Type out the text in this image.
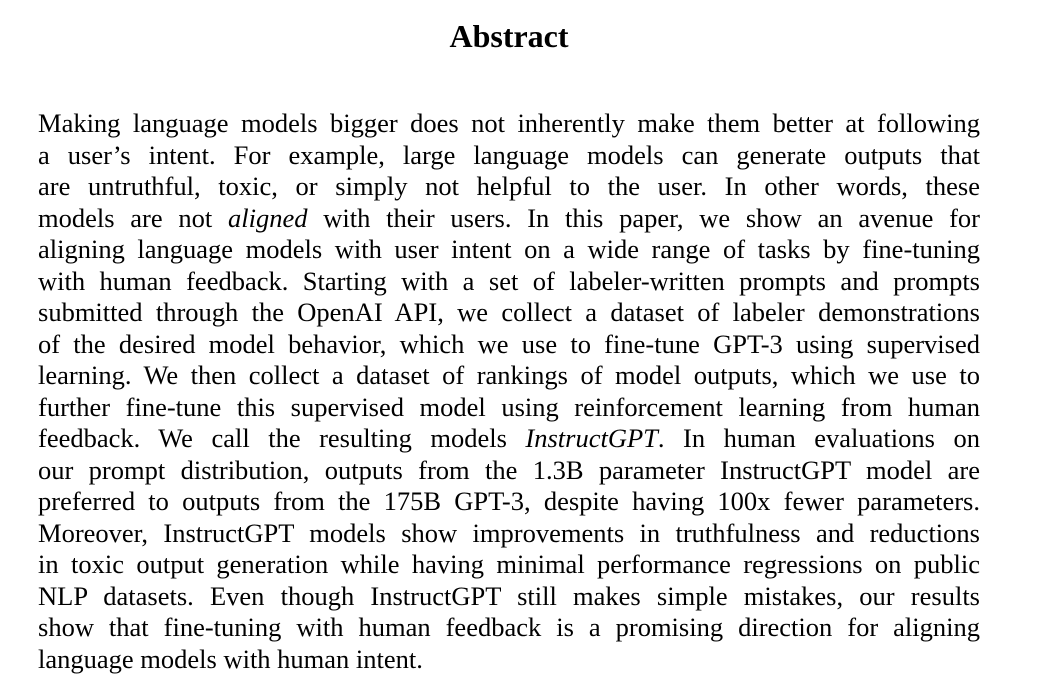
Abstract
Making language models bigger does not inherently make them better at following
a user’s intent. For example, large language models can generate outputs that
are untruthful, toxic, or simply not helpful to the user. In other words, these
models are not aligned with their users. In this paper, we show an avenue for
aligning language models with user intent on a wide range of tasks by fine-tuning
with human feedback. Starting with a set of labeler-written prompts and prompts
submitted through the OpenAI API, we collect a dataset of labeler demonstrations
of the desired model behavior, which we use to fine-tune GPT-3 using supervised
learning. We then collect a dataset of rankings of model outputs, which we use to
further fine-tune this supervised model using reinforcement learning from human
feedback. We call the resulting models InstructGPT. In human evaluations on
our prompt distribution, outputs from the 1.3B parameter InstructGPT model are
preferred to outputs from the 175B GPT-3, despite having 100x fewer parameters.
Moreover, InstructGPT models show improvements in truthfulness and reductions
in toxic output generation while having minimal performance regressions on public
NLP datasets. Even though InstructGPT still makes simple mistakes, our results
show that fine-tuning with human feedback is a promising direction for aligning
language models with human intent.
